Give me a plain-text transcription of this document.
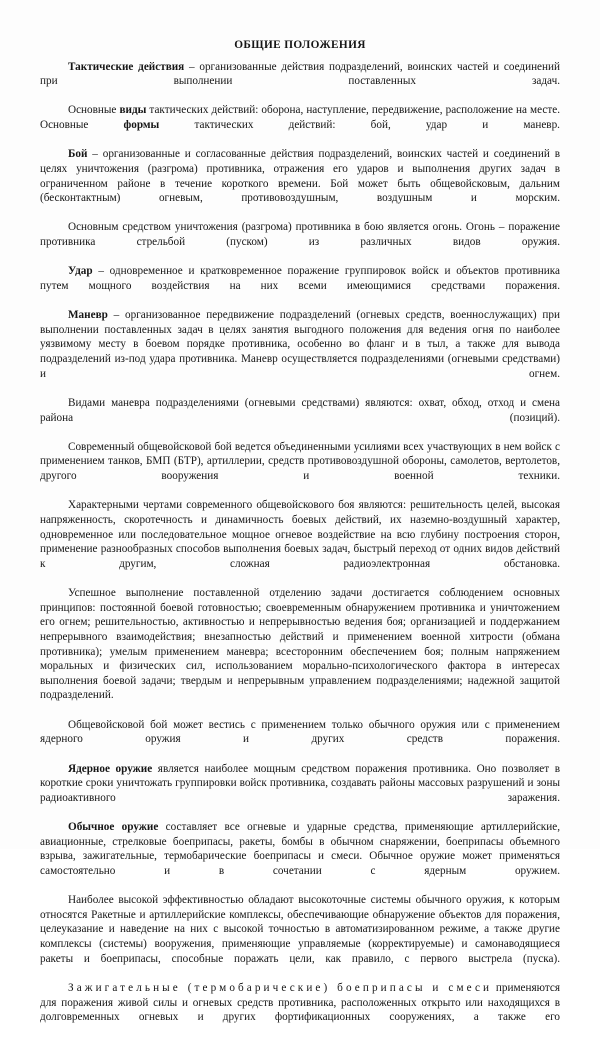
ОБЩИЕ ПОЛОЖЕНИЯ

Тактические действия – организованные действия подразделений, воинских частей и соединений при выполнении поставленных задач.

Основные виды тактических действий: оборона, наступление, передвижение, расположение на месте. Основные формы тактических действий: бой, удар и маневр.

Бой – организованные и согласованные действия подразделений, воинских частей и соединений в целях уничтожения (разгрома) противника, отражения его ударов и выполнения других задач в ограниченном районе в течение короткого времени. Бой может быть общевойсковым, дальним (бесконтактным) огневым, противовоздушным, воздушным и морским.

Основным средством уничтожения (разгрома) противника в бою является огонь. Огонь – поражение противника стрельбой (пуском) из различных видов оружия.

Удар – одновременное и кратковременное поражение группировок войск и объектов противника путем мощного воздействия на них всеми имеющимися средствами поражения.

Маневр – организованное передвижение подразделений (огневых средств, военнослужащих) при выполнении поставленных задач в целях занятия выгодного положения для ведения огня по наиболее уязвимому месту в боевом порядке противника, особенно во фланг и в тыл, а также для вывода подразделений из-под удара противника. Маневр осуществляется подразделениями (огневыми средствами) и огнем.

Видами маневра подразделениями (огневыми средствами) являются: охват, обход, отход и смена района (позиций).

Современный общевойсковой бой ведется объединенными усилиями всех участвующих в нем войск с применением танков, БМП (БТР), артиллерии, средств противовоздушной обороны, самолетов, вертолетов, другого вооружения и военной техники.

Характерными чертами современного общевойскового боя являются: решительность целей, высокая напряженность, скоротечность и динамичность боевых действий, их наземно-воздушный характер, одновременное или последовательное мощное огневое воздействие на всю глубину построения сторон, применение разнообразных способов выполнения боевых задач, быстрый переход от одних видов действий к другим, сложная радиоэлектронная обстановка.

Успешное выполнение поставленной отделению задачи достигается соблюдением основных принципов: постоянной боевой готовностью; своевременным обнаружением противника и уничтожением его огнем; решительностью, активностью и непрерывностью ведения боя; организацией и поддержанием непрерывного взаимодействия; внезапностью действий и применением военной хитрости (обмана противника); умелым применением маневра; всесторонним обеспечением боя; полным напряжением моральных и физических сил, использованием морально-психологического фактора в интересах выполнения боевой задачи; твердым и непрерывным управлением подразделениями; надежной защитой подразделений.

Общевойсковой бой может вестись с применением только обычного оружия или с применением ядерного оружия и других средств поражения.

Ядерное оружие является наиболее мощным средством поражения противника. Оно позволяет в короткие сроки уничтожать группировки войск противника, создавать районы массовых разрушений и зоны радиоактивного заражения.

Обычное оружие составляет все огневые и ударные средства, применяющие артиллерийские, авиационные, стрелковые боеприпасы, ракеты, бомбы в обычном снаряжении, боеприпасы объемного взрыва, зажигательные, термобарические боеприпасы и смеси. Обычное оружие может применяться самостоятельно и в сочетании с ядерным оружием.

Наиболее высокой эффективностью обладают высокоточные системы обычного оружия, к которым относятся Ракетные и артиллерийские комплексы, обеспечивающие обнаружение объектов для поражения, целеуказание и наведение на них с высокой точностью в автоматизированном режиме, а также другие комплексы (системы) вооружения, применяющие управляемые (корректируемые) и самонаводящиеся ракеты и боеприпасы, способные поражать цели, как правило, с первого выстрела (пуска).

Зажигательные (термобарические) боеприпасы и смеси применяются для поражения живой силы и огневых средств противника, расположенных открыто или находящихся в долговременных огневых и других фортификационных сооружениях, а также его
